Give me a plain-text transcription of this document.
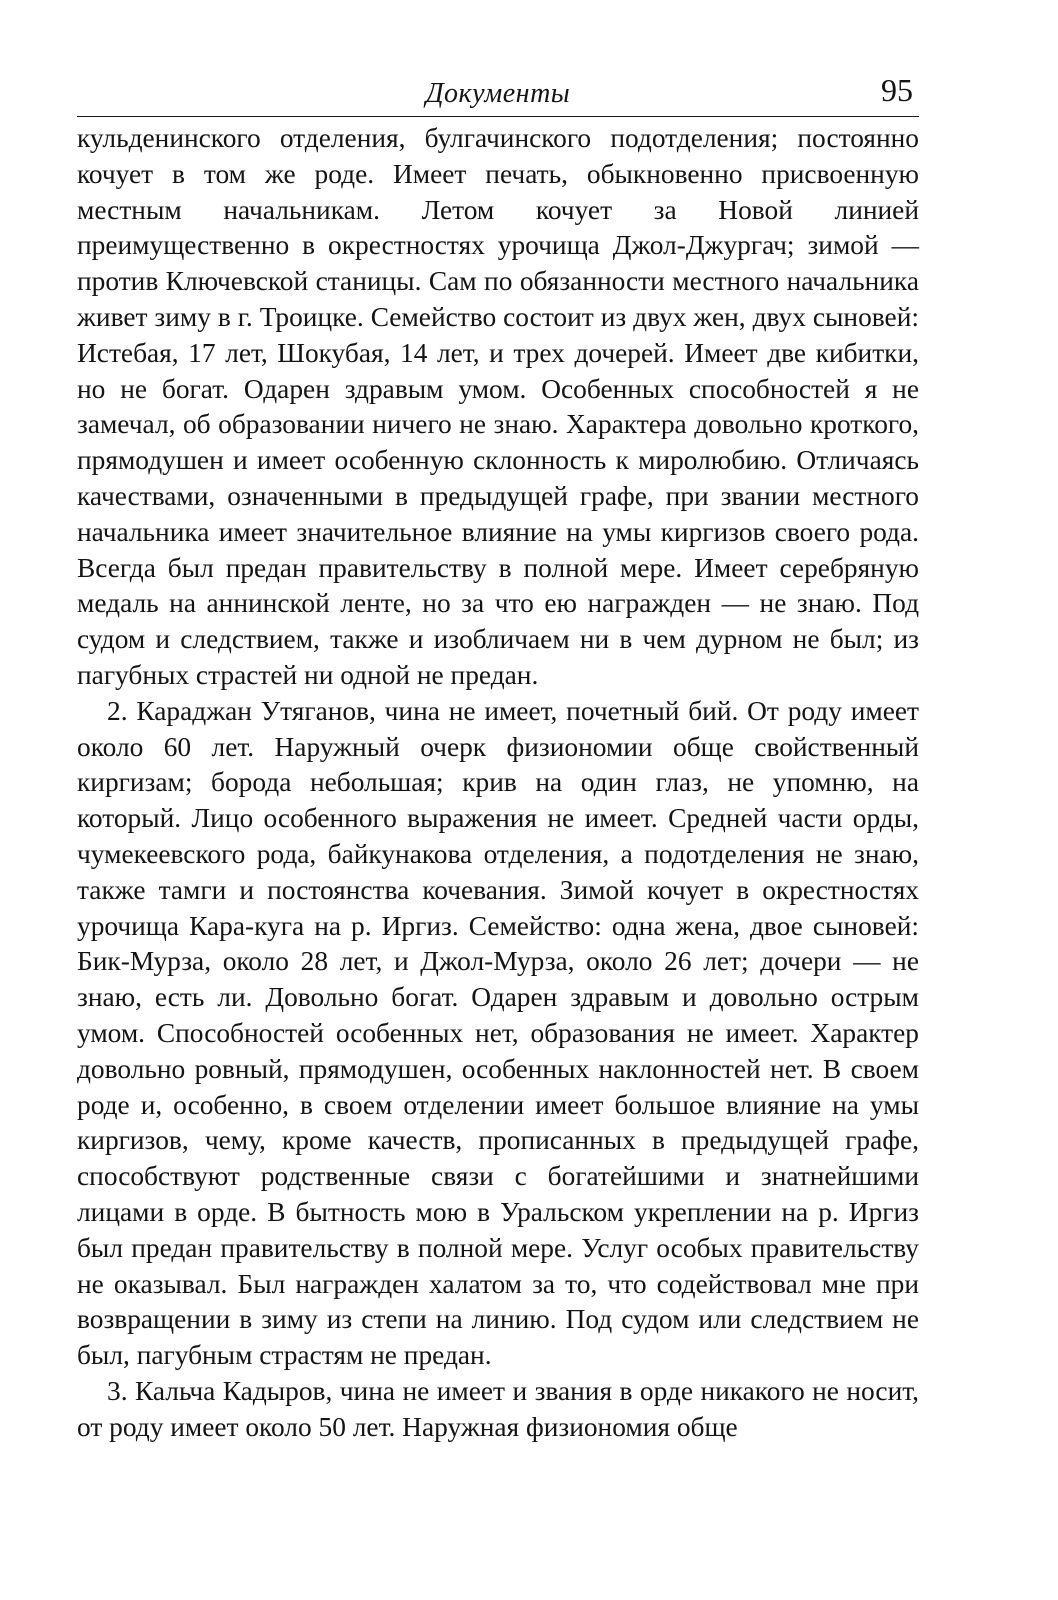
Документы	95

кульденинского отделения, булгачинского подотделения; постоянно кочует в том же роде. Имеет печать, обыкновенно присвоенную местным начальникам. Летом кочует за Новой линией преимущественно в окрестностях урочища Джол-Джургач; зимой — против Ключевской станицы. Сам по обязанности местного начальника живет зиму в г. Троицке. Семейство состоит из двух жен, двух сыновей: Истебая, 17 лет, Шокубая, 14 лет, и трех дочерей. Имеет две кибитки, но не богат. Одарен здравым умом. Особенных способностей я не замечал, об образовании ничего не знаю. Характера довольно кроткого, прямодушен и имеет особенную склонность к миролюбию. Отличаясь качествами, означенными в предыдущей графе, при звании местного начальника имеет значительное влияние на умы киргизов своего рода. Всегда был предан правительству в полной мере. Имеет серебряную медаль на аннинской ленте, но за что ею награжден — не знаю. Под судом и следствием, также и изобличаем ни в чем дурном не был; из пагубных страстей ни одной не предан.

2. Караджан Утяганов, чина не имеет, почетный бий. От роду имеет около 60 лет. Наружный очерк физиономии обще свойственный киргизам; борода небольшая; крив на один глаз, не упомню, на который. Лицо особенного выражения не имеет. Средней части орды, чумекеевского рода, байкунакова отделения, а подотделения не знаю, также тамги и постоянства кочевания. Зимой кочует в окрестностях урочища Кара-куга на р. Иргиз. Семейство: одна жена, двое сыновей: Бик-Мурза, около 28 лет, и Джол-Мурза, около 26 лет; дочери — не знаю, есть ли. Довольно богат. Одарен здравым и довольно острым умом. Способностей особенных нет, образования не имеет. Характер довольно ровный, прямодушен, особенных наклонностей нет. В своем роде и, особенно, в своем отделении имеет большое влияние на умы киргизов, чему, кроме качеств, прописанных в предыдущей графе, способствуют родственные связи с богатейшими и знатнейшими лицами в орде. В бытность мою в Уральском укреплении на р. Иргиз был предан правительству в полной мере. Услуг особых правительству не оказывал. Был награжден халатом за то, что содействовал мне при возвращении в зиму из степи на линию. Под судом или следствием не был, пагубным страстям не предан.

3. Кальча Кадыров, чина не имеет и звания в орде никакого не носит, от роду имеет около 50 лет. Наружная физиономия обще
